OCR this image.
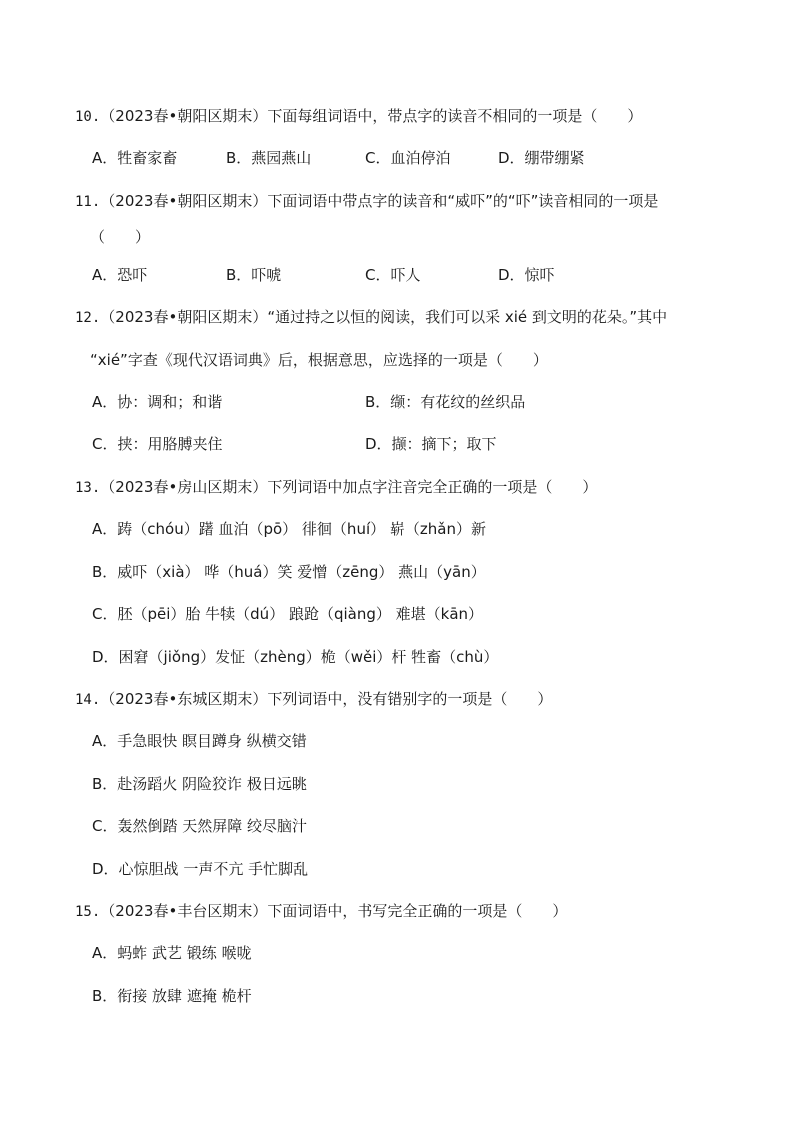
10.（2023春•朝阳区期末）下面每组词语中，带点字的读音不相同的一项是（　　）
A．牲畜家畜	B．燕园燕山	C．血泊停泊	D．绷带绷紧
11.（2023春•朝阳区期末）下面词语中带点字的读音和“威吓”的“吓”读音相同的一项是
（　　）
A．恐吓	B．吓唬	C．吓人	D．惊吓
12.（2023春•朝阳区期末）“通过持之以恒的阅读，我们可以采 xié 到文明的花朵。”其中
“xié”字查《现代汉语词典》后，根据意思，应选择的一项是（　　）
A．协：调和；和谐	B．缬：有花纹的丝织品
C．挟：用胳膊夹住	D．撷：摘下；取下
13.（2023春•房山区期末）下列词语中加点字注音完全正确的一项是（　　）
A．踌（chóu）躇 血泊（pō） 徘徊（huí） 崭（zhǎn）新
B．威吓（xià） 哗（huá）笑 爱憎（zēng） 燕山（yān）
C．胚（pēi）胎 牛犊（dú） 踉跄（qiàng） 难堪（kān）
D．困窘（jiǒng）发怔（zhèng）桅（wěi）杆 牲畜（chù）
14.（2023春•东城区期末）下列词语中，没有错别字的一项是（　　）
A．手急眼快 瞑目蹲身 纵横交错
B．赴汤蹈火 阴险狡诈 极日远眺
C．轰然倒踏 天然屏障 绞尽脑汁
D．心惊胆战 一声不亢 手忙脚乱
15.（2023春•丰台区期末）下面词语中，书写完全正确的一项是（　　）
A．蚂蚱 武艺 锻练 喉咙
B．衔接 放肆 遮掩 桅杆
